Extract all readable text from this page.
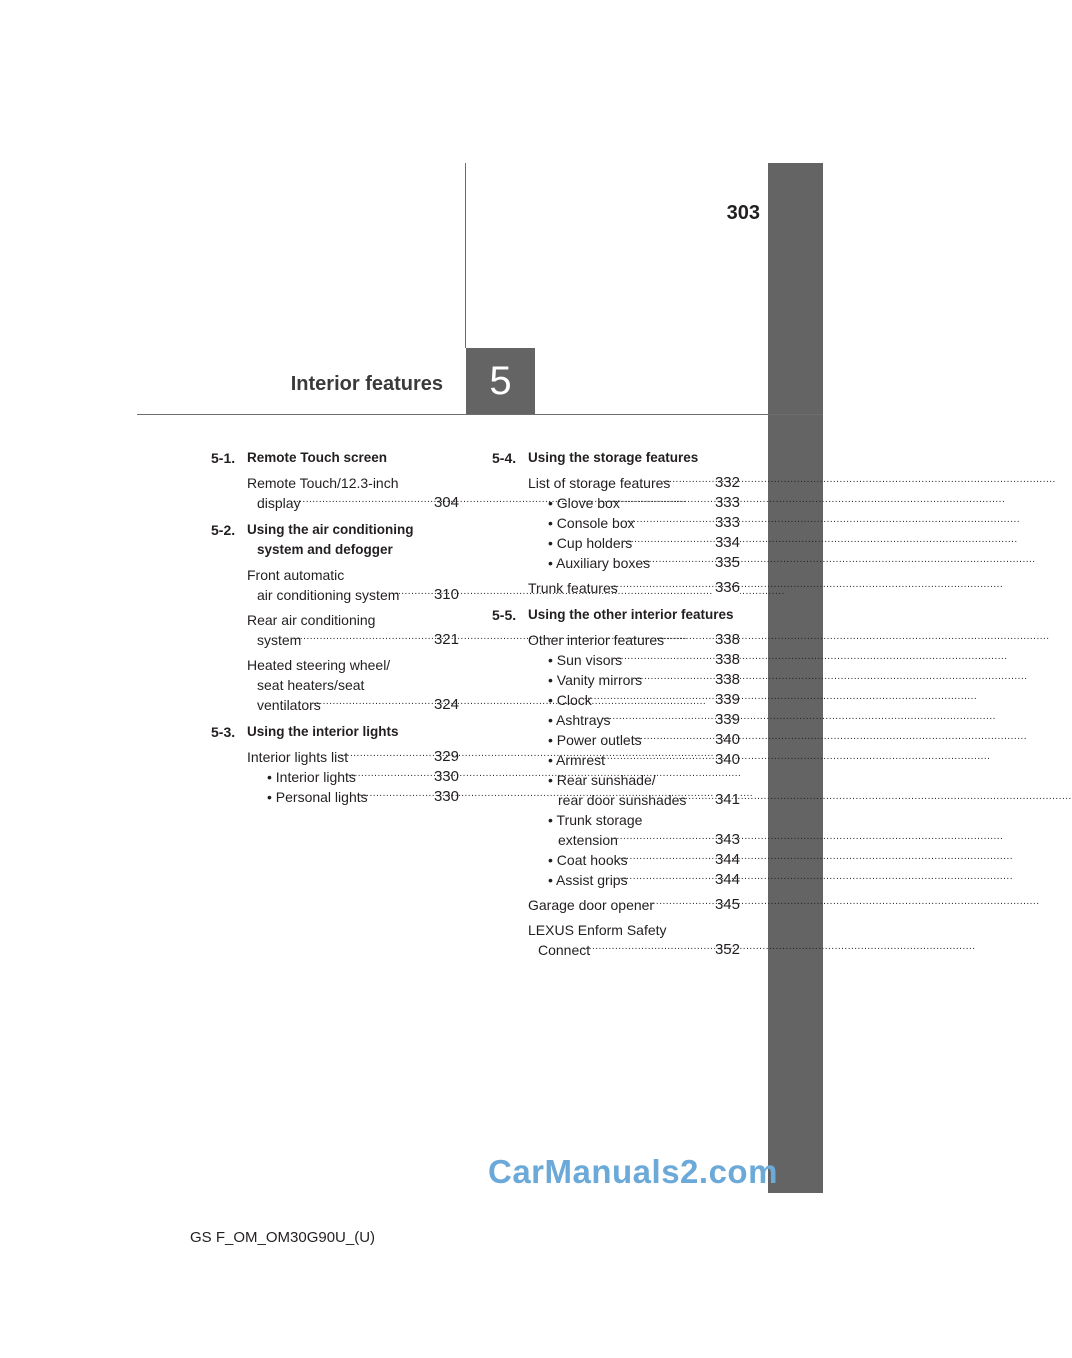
303
Interior features	5
5-1. Remote Touch screen
Remote Touch/12.3-inch
display .....	304
5-2. Using the air conditioning system and defogger
Front automatic
air conditioning system .....	310
Rear air conditioning
system .....	321
Heated steering wheel/
seat heaters/seat
ventilators .....	324
5-3. Using the interior lights
Interior lights list .....	329
• Interior lights .....	330
• Personal lights .....	330
5-4. Using the storage features
List of storage features .....	332
• Glove box .....	333
• Console box .....	333
• Cup holders .....	334
• Auxiliary boxes .....	335
Trunk features .....	336
5-5. Using the other interior features
Other interior features .....	338
• Sun visors .....	338
• Vanity mirrors .....	338
• Clock .....	339
• Ashtrays .....	339
• Power outlets .....	340
• Armrest .....	340
• Rear sunshade/
rear door sunshades .....	341
• Trunk storage
extension .....	343
• Coat hooks .....	344
• Assist grips .....	344
Garage door opener .....	345
LEXUS Enform Safety
Connect .....	352
GS F_OM_OM30G90U_(U)
CarManuals2.com
